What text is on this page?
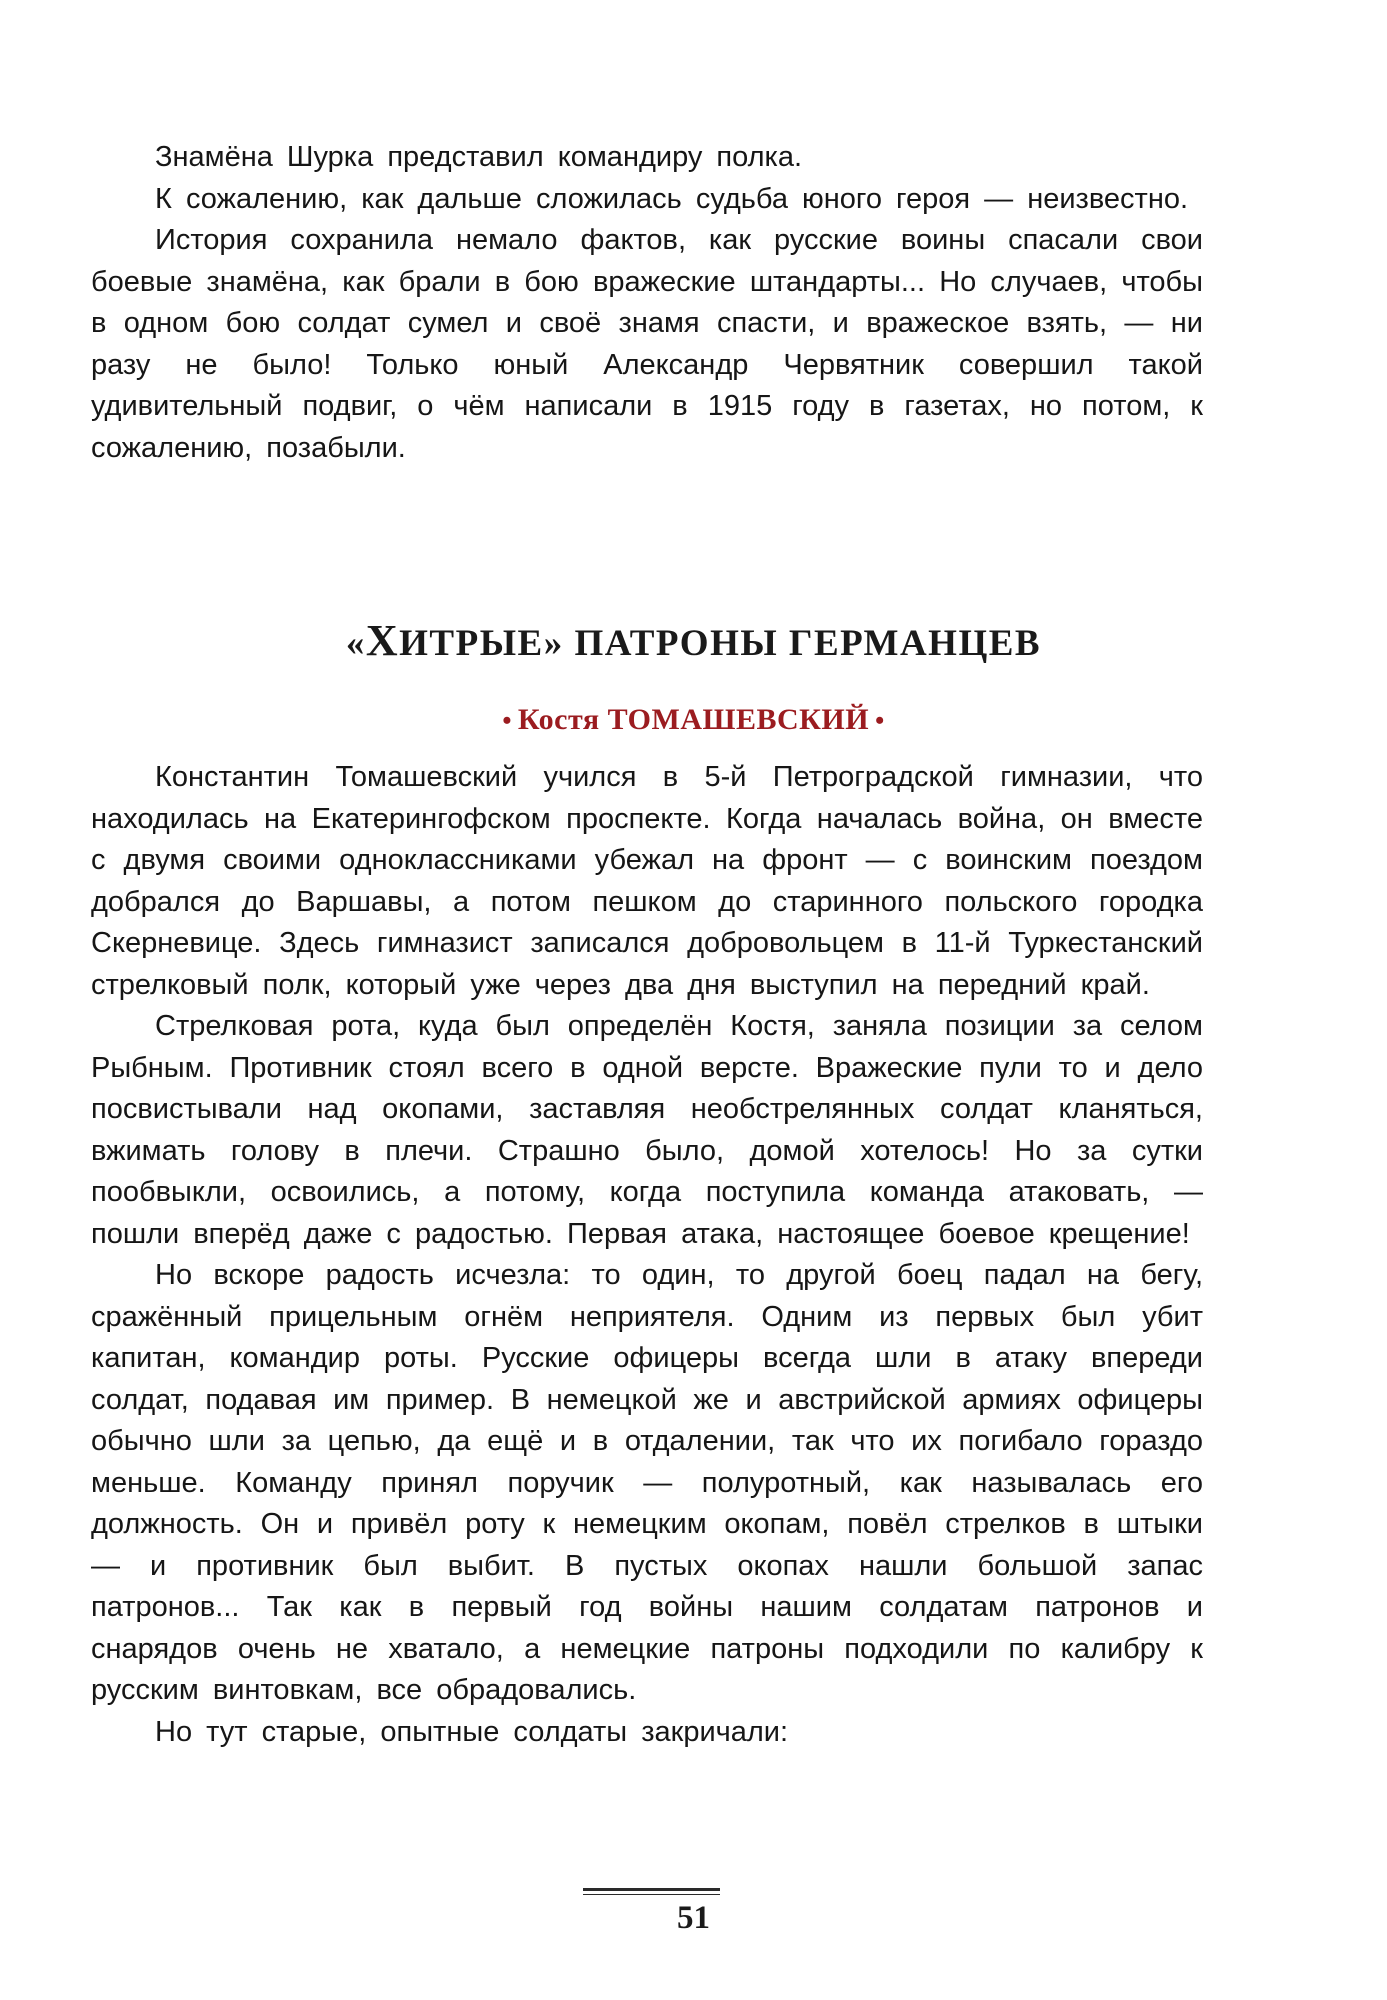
Знамёна Шурка представил командиру полка.

К сожалению, как дальше сложилась судьба юного героя — неизвестно.

История сохранила немало фактов, как русские воины спасали свои боевые знамёна, как брали в бою вражеские штандарты... Но случаев, чтобы в одном бою солдат сумел и своё знамя спасти, и вражеское взять, — ни разу не было! Только юный Александр Червятник совершил такой удивительный подвиг, о чём написали в 1915 году в газетах, но потом, к сожалению, позабыли.

«ХИТРЫЕ» ПАТРОНЫ ГЕРМАНЦЕВ

• Костя ТОМАШЕВСКИЙ •

Константин Томашевский учился в 5-й Петроградской гимназии, что находилась на Екатерингофском проспекте. Когда началась война, он вместе с двумя своими одноклассниками убежал на фронт — с воинским поездом добрался до Варшавы, а потом пешком до старинного польского городка Скерневице. Здесь гимназист записался добровольцем в 11-й Туркестанский стрелковый полк, который уже через два дня выступил на передний край.

Стрелковая рота, куда был определён Костя, заняла позиции за селом Рыбным. Противник стоял всего в одной версте. Вражеские пули то и дело посвистывали над окопами, заставляя необстрелянных солдат кланяться, вжимать голову в плечи. Страшно было, домой хотелось! Но за сутки пообвыкли, освоились, а потому, когда поступила команда атаковать, — пошли вперёд даже с радостью. Первая атака, настоящее боевое крещение!

Но вскоре радость исчезла: то один, то другой боец падал на бегу, сражённый прицельным огнём неприятеля. Одним из первых был убит капитан, командир роты. Русские офицеры всегда шли в атаку впереди солдат, подавая им пример. В немецкой же и австрийской армиях офицеры обычно шли за цепью, да ещё и в отдалении, так что их погибало гораздо меньше. Команду принял поручик — полуротный, как называлась его должность. Он и привёл роту к немецким окопам, повёл стрелков в штыки — и противник был выбит. В пустых окопах нашли большой запас патронов... Так как в первый год войны нашим солдатам патронов и снарядов очень не хватало, а немецкие патроны подходили по калибру к русским винтовкам, все обрадовались.

Но тут старые, опытные солдаты закричали:

51
